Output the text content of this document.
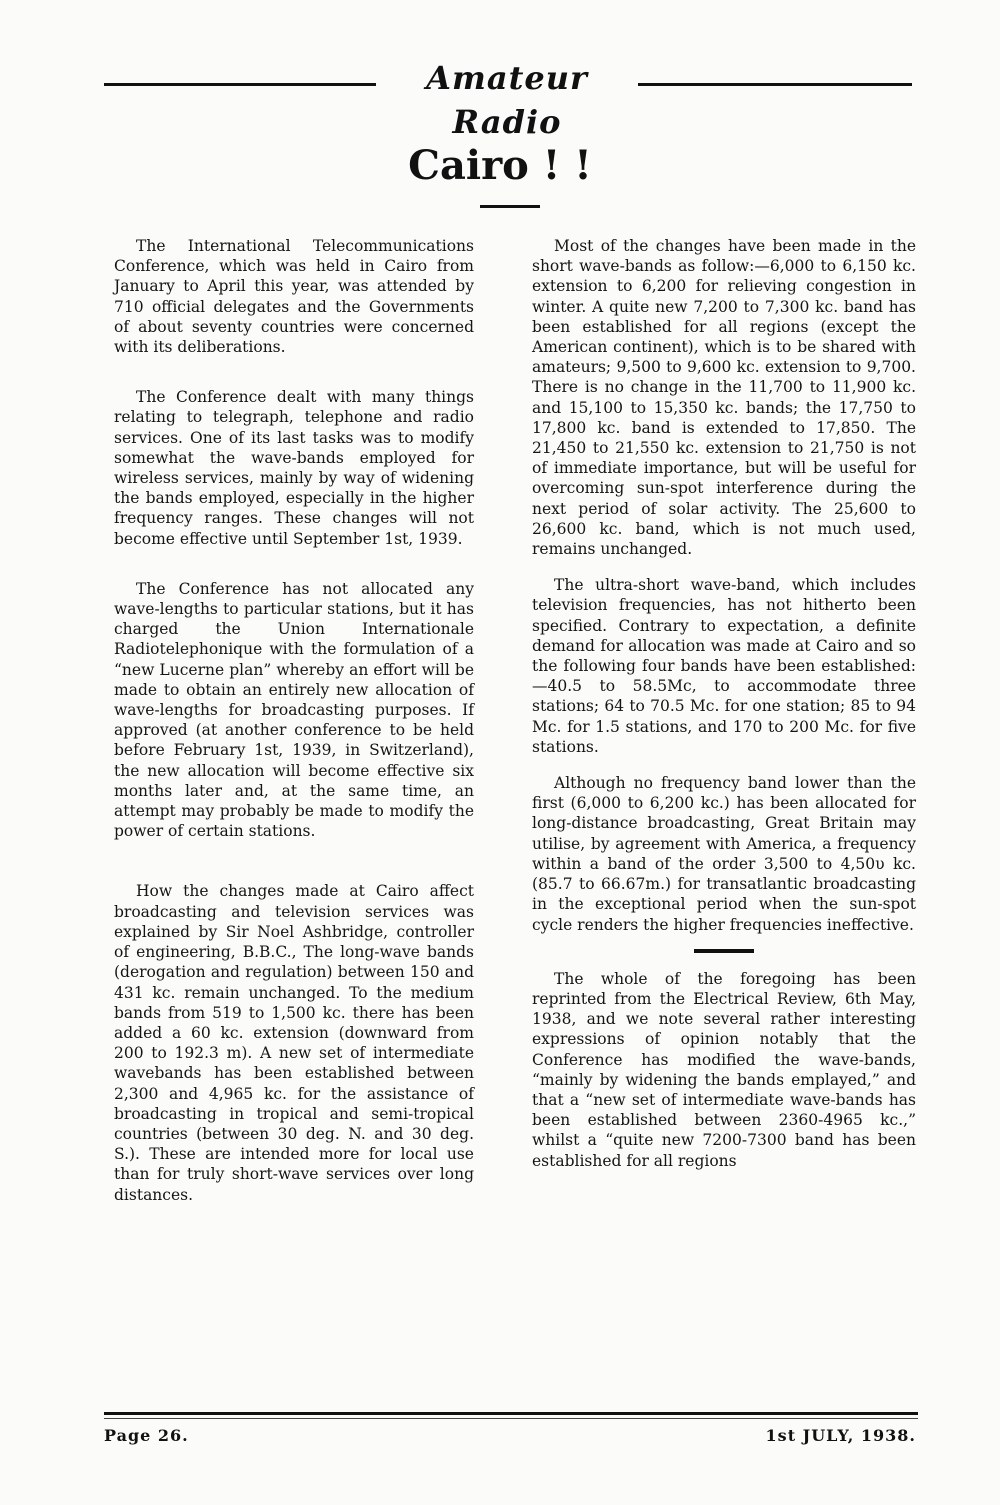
Amateur Radio
Cairo ! !

The International Telecommunications Conference, which was held in Cairo from January to April this year, was attended by 710 official delegates and the Governments of about seventy countries were concerned with its deliberations.

The Conference dealt with many things relating to telegraph, telephone and radio services. One of its last tasks was to modify somewhat the wave-bands employed for wireless services, mainly by way of widening the bands employed, especially in the higher frequency ranges. These changes will not become effective until September 1st, 1939.

The Conference has not allocated any wave-lengths to particular stations, but it has charged the Union Internationale Radiotelephonique with the formulation of a “new Lucerne plan” whereby an effort will be made to obtain an entirely new allocation of wave-lengths for broadcasting purposes. If approved (at another conference to be held before February 1st, 1939, in Switzerland), the new allocation will become effective six months later and, at the same time, an attempt may probably be made to modify the power of certain stations.

How the changes made at Cairo affect broadcasting and television services was explained by Sir Noel Ashbridge, controller of engineering, B.B.C., The long-wave bands (derogation and regulation) between 150 and 431 kc. remain unchanged. To the medium bands from 519 to 1,500 kc. there has been added a 60 kc. extension (downward from 200 to 192.3 m). A new set of intermediate wavebands has been established between 2,300 and 4,965 kc. for the assistance of broadcasting in tropical and semi-tropical countries (between 30 deg. N. and 30 deg. S.). These are intended more for local use than for truly short-wave services over long distances.

Most of the changes have been made in the short wave-bands as follow:—6,000 to 6,150 kc. extension to 6,200 for relieving congestion in winter. A quite new 7,200 to 7,300 kc. band has been established for all regions (except the American continent), which is to be shared with amateurs; 9,500 to 9,600 kc. extension to 9,700. There is no change in the 11,700 to 11,900 kc. and 15,100 to 15,350 kc. bands; the 17,750 to 17,800 kc. band is extended to 17,850. The 21,450 to 21,550 kc. extension to 21,750 is not of immediate importance, but will be useful for overcoming sun-spot interference during the next period of solar activity. The 25,600 to 26,600 kc. band, which is not much used, remains unchanged.

The ultra-short wave-band, which includes television frequencies, has not hitherto been specified. Contrary to expectation, a definite demand for allocation was made at Cairo and so the following four bands have been established:—40.5 to 58.5Mc, to accommodate three stations; 64 to 70.5 Mc. for one station; 85 to 94 Mc. for 1.5 stations, and 170 to 200 Mc. for five stations.

Although no frequency band lower than the first (6,000 to 6,200 kc.) has been allocated for long-distance broadcasting, Great Britain may utilise, by agreement with America, a frequency within a band of the order 3,500 to 4,50υ kc. (85.7 to 66.67m.) for transatlantic broadcasting in the exceptional period when the sun-spot cycle renders the higher frequencies ineffective.

The whole of the foregoing has been reprinted from the Electrical Review, 6th May, 1938, and we note several rather interesting expressions of opinion notably that the Conference has modified the wave-bands, “mainly by widening the bands emplayed,” and that a “new set of intermediate wave-bands has been established between 2360-4965 kc.,” whilst a “quite new 7200-7300 band has been established for all regions

Page 26.	1st JULY, 1938.
